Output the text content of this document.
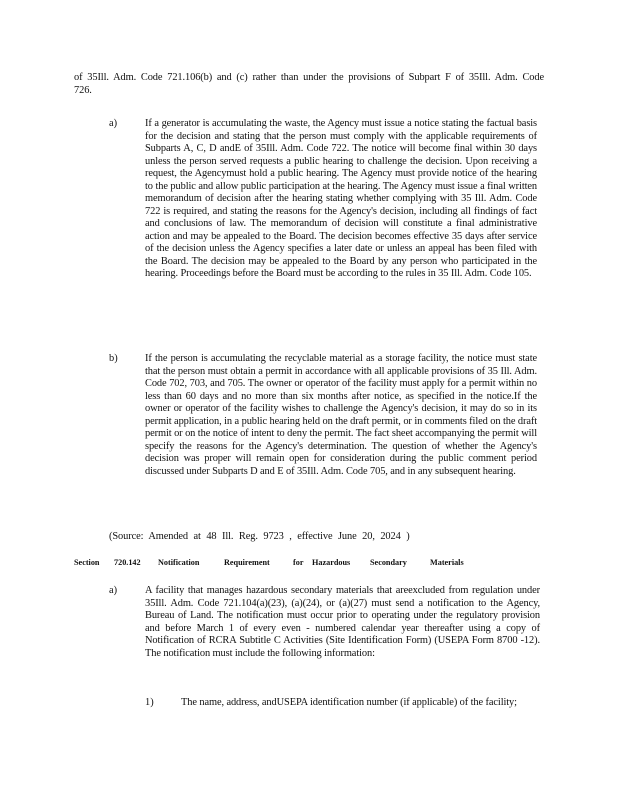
of 35Ill. Adm. Code 721.106(b) and (c) rather than under the provisions of Subpart F of 35Ill. Adm. Code 726.

a)	If a generator is accumulating the waste, the Agency must issue a notice stating the factual basis for the decision and stating that the person must comply with the applicable requirements of Subparts A, C, D andE of 35Ill. Adm. Code 722. The notice will become final within 30 days unless the person served requests a public hearing to challenge the decision. Upon receiving a request, the Agencymust hold a public hearing. The Agency must provide notice of the hearing to the public and allow public participation at the hearing. The Agency must issue a final written memorandum of decision after the hearing stating whether complying with 35 Ill. Adm. Code 722 is required, and stating the reasons for the Agency's decision, including all findings of fact and conclusions of law. The memorandum of decision will constitute a final administrative action and may be appealed to the Board. The decision becomes effective 35 days after service of the decision unless the Agency specifies a later date or unless an appeal has been filed with the Board. The decision may be appealed to the Board by any person who participated in the hearing. Proceedings before the Board must be according to the rules in 35 Ill. Adm. Code 105.

b)	If the person is accumulating the recyclable material as a storage facility, the notice must state that the person must obtain a permit in accordance with all applicable provisions of 35 Ill. Adm. Code 702, 703, and 705. The owner or operator of the facility must apply for a permit within no less than 60 days and no more than six months after notice, as specified in the notice.If the owner or operator of the facility wishes to challenge the Agency's decision, it may do so in its permit application, in a public hearing held on the draft permit, or in comments filed on the draft permit or on the notice of intent to deny the permit. The fact sheet accompanying the permit will specify the reasons for the Agency's determination. The question of whether the Agency's decision was proper will remain open for consideration during the public comment period discussed under Subparts D and E of 35Ill. Adm. Code 705, and in any subsequent hearing.

(Source: Amended at 48 Ill. Reg. 9723 , effective June 20, 2024 )

Section 720.142 Notification	Requirement	for Hazardous Secondary	Materials
a)	A facility that manages hazardous secondary materials that areexcluded from regulation under 35Ill. Adm. Code 721.104(a)(23), (a)(24), or (a)(27) must send a notification to the Agency, Bureau of Land. The notification must occur prior to operating under the regulatory provision and before March 1 of every even - numbered calendar year thereafter using a copy of Notification of RCRA Subtitle C Activities (Site Identification Form) (USEPA Form 8700 -12). The notification must include the following information:

1)	The name, address, andUSEPA identification number (if applicable) of the facility;
